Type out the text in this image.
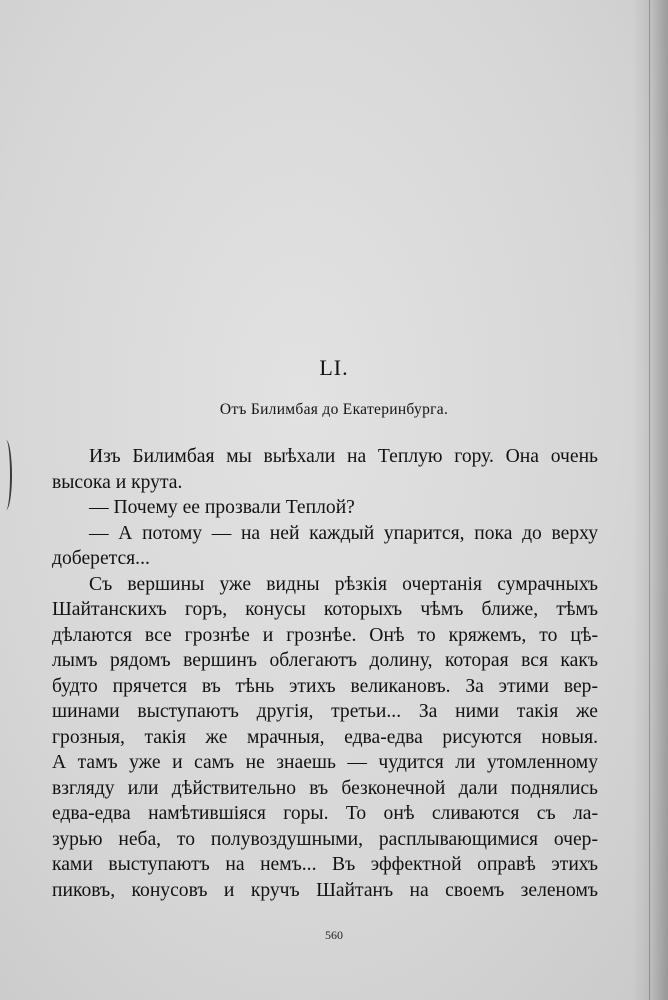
LI.
Отъ Билимбая до Екатеринбурга.
Изъ Билимбая мы выѣхали на Теплую гору. Она очень
высока и крута.
— Почему ее прозвали Теплой?
— А потому — на ней каждый упарится, пока до верху
доберется...
Съ вершины уже видны рѣзкія очертанія сумрачныхъ
Шайтанскихъ горъ, конусы которыхъ чѣмъ ближе, тѣмъ
дѣлаются все грознѣе и грознѣе. Онѣ то кряжемъ, то цѣ-
лымъ рядомъ вершинъ облегаютъ долину, которая вся какъ
будто прячется въ тѣнь этихъ великановъ. За этими вер-
шинами выступаютъ другія, третьи... За ними такія же
грозныя, такія же мрачныя, едва-едва рисуются новыя.
А тамъ уже и самъ не знаешь — чудится ли утомленному
взгляду или дѣйствительно въ безконечной дали поднялись
едва-едва намѣтившіяся горы. То онѣ сливаются съ ла-
зурью неба, то полувоздушными, расплывающимися очер-
ками выступаютъ на немъ... Въ эффектной оправѣ этихъ
пиковъ, конусовъ и кручъ Шайтанъ на своемъ зеленомъ
560
